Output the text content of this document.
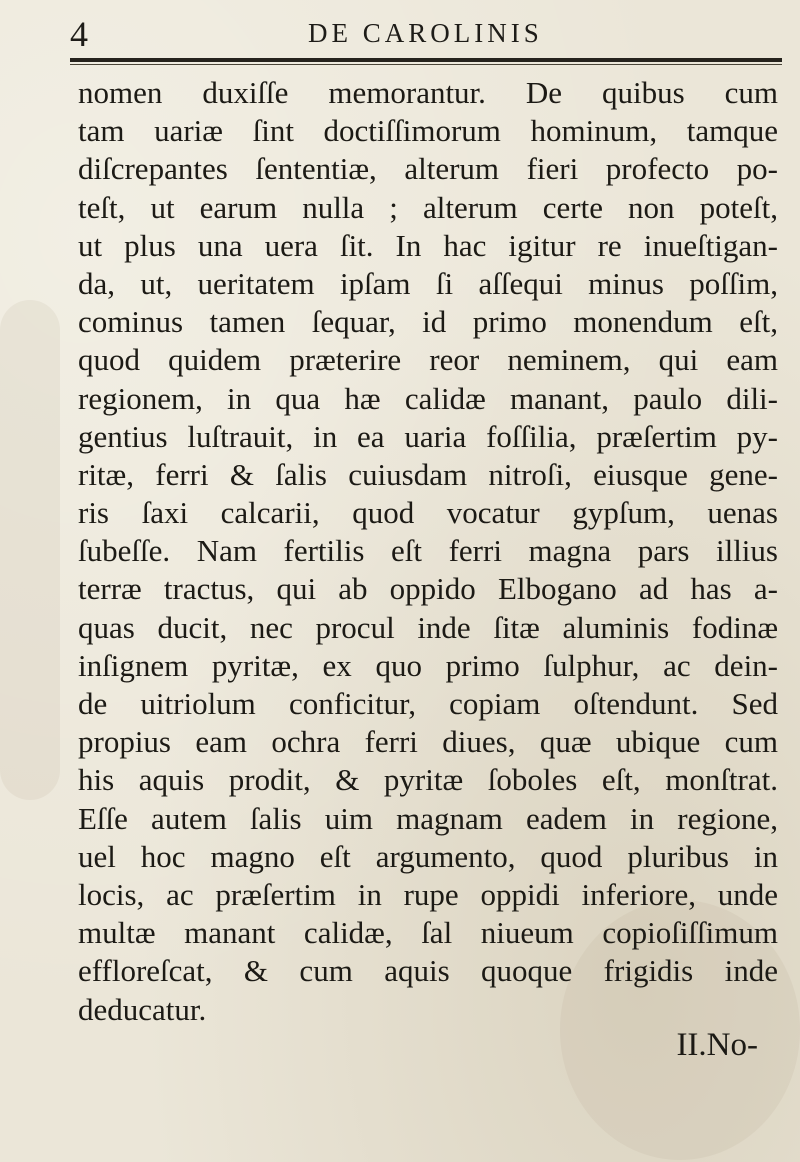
4	DE CAROLINIS
nomen duxiſſe memorantur. De quibus cum
tam uariæ ſint doctiſſimorum hominum, tamque
diſcrepantes ſententiæ, alterum fieri profecto po-
teſt, ut earum nulla ; alterum certe non poteſt,
ut plus una uera ſit. In hac igitur re inueſtigan-
da, ut, ueritatem ipſam ſi aſſequi minus poſſim,
cominus tamen ſequar, id primo monendum eſt,
quod quidem præterire reor neminem, qui eam
regionem, in qua hæ calidæ manant, paulo dili-
gentius luſtrauit, in ea uaria foſſilia, præſertim py-
ritæ, ferri & ſalis cuiusdam nitroſi, eiusque gene-
ris ſaxi calcarii, quod vocatur gypſum, uenas
ſubeſſe. Nam fertilis eſt ferri magna pars illius
terræ tractus, qui ab oppido Elbogano ad has a-
quas ducit, nec procul inde ſitæ aluminis fodinæ
inſignem pyritæ, ex quo primo ſulphur, ac dein-
de uitriolum conficitur, copiam oſtendunt. Sed
propius eam ochra ferri diues, quæ ubique cum
his aquis prodit, & pyritæ ſoboles eſt, monſtrat.
Eſſe autem ſalis uim magnam eadem in regione,
uel hoc magno eſt argumento, quod pluribus in
locis, ac præſertim in rupe oppidi inferiore, unde
multæ manant calidæ, ſal niueum copioſiſſimum
effloreſcat, & cum aquis quoque frigidis inde
deducatur.
II.No-
